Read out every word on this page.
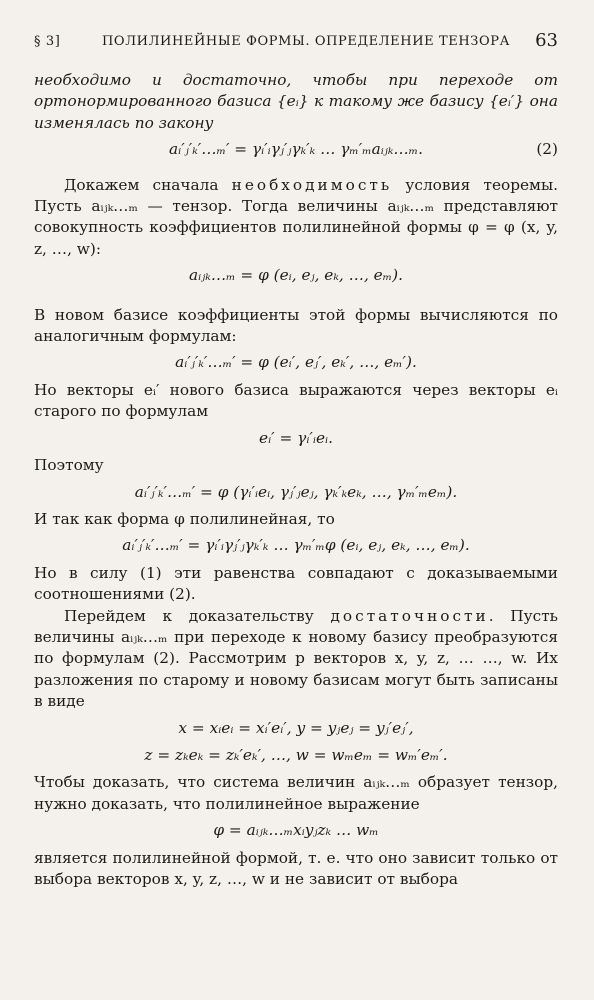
§ 3]	ПОЛИЛИНЕЙНЫЕ ФОРМЫ. ОПРЕДЕЛЕНИЕ ТЕНЗОРА 63

необходимо и достаточно, чтобы при переходе от ортонормированного базиса {eᵢ} к такому же базису {eᵢ′} она изменялась по закону

aᵢ′ⱼ′ₖ′…ₘ′ = γᵢ′ᵢγⱼ′ⱼγₖ′ₖ … γₘ′ₘaᵢⱼₖ…ₘ.	(2)

Докажем сначала необходимость условия теоремы. Пусть aᵢⱼₖ…ₘ — тензор. Тогда величины aᵢⱼₖ…ₘ представляют совокупность коэффициентов полилинейной формы φ = φ (x, y, z, …, w):

aᵢⱼₖ…ₘ = φ (eᵢ, eⱼ, eₖ, …, eₘ).

В новом базисе коэффициенты этой формы вычисляются по аналогичным формулам:

aᵢ′ⱼ′ₖ′…ₘ′ = φ (eᵢ′, eⱼ′, eₖ′, …, eₘ′).

Но векторы eᵢ′ нового базиса выражаются через векторы eᵢ старого по формулам

eᵢ′ = γᵢ′ᵢeᵢ.

Поэтому

aᵢ′ⱼ′ₖ′…ₘ′ = φ (γᵢ′ᵢeᵢ, γⱼ′ⱼeⱼ, γₖ′ₖeₖ, …, γₘ′ₘeₘ).

И так как форма φ полилинейная, то

aᵢ′ⱼ′ₖ′…ₘ′ = γᵢ′ᵢγⱼ′ⱼγₖ′ₖ … γₘ′ₘφ (eᵢ, eⱼ, eₖ, …, eₘ).

Но в силу (1) эти равенства совпадают с доказываемыми соотношениями (2).

Перейдем к доказательству достаточности. Пусть величины aᵢⱼₖ…ₘ при переходе к новому базису преобразуются по формулам (2). Рассмотрим p векторов x, y, z, … …, w. Их разложения по старому и новому базисам могут быть записаны в виде

x = xᵢeᵢ = xᵢ′eᵢ′, y = yⱼeⱼ = yⱼ′eⱼ′,
z = zₖeₖ = zₖ′eₖ′, …, w = wₘeₘ = wₘ′eₘ′.

Чтобы доказать, что система величин aᵢⱼₖ…ₘ образует тензор, нужно доказать, что полилинейное выражение

φ = aᵢⱼₖ…ₘxᵢyⱼzₖ … wₘ

является полилинейной формой, т. е. что оно зависит только от выбора векторов x, y, z, …, w и не зависит от выбора
